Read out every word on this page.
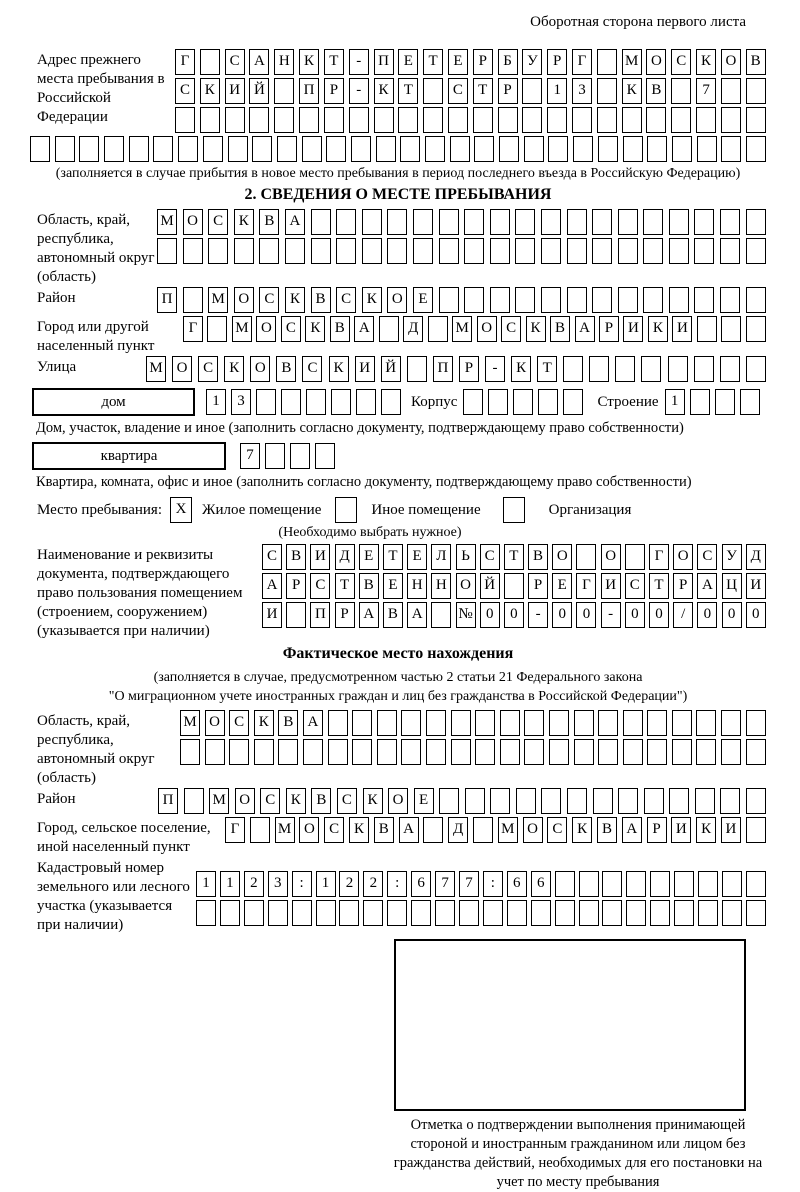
Оборотная сторона первого листа
Адрес прежнего места пребывания в Российской Федерации
Г	С А Н К	Т	-	П Е	Т	Е	Р	Б	У	Р	Г	М О С К О В
С К И Й	П	Р	-	К	Т	С	Т	Р	1	3	К В	7
(заполняется в случае прибытия в новое место пребывания в период последнего въезда в Российскую Федерацию)
2. СВЕДЕНИЯ О МЕСТЕ ПРЕБЫВАНИЯ
Область, край, республика, автономный округ (область)
М О	С	К	В	А
Район	П	М О	С	К	В	С	К	О	Е
Город или другой населенный пункт
Г	М О С К В А	Д	М О С К В А Р И К И
Улица	М О	С	К	О	В	С	К	И	Й	П	Р	-	К	Т
дом	1	3	Корпус	Строение 1
Дом, участок, владение и иное (заполнить согласно документу, подтверждающему право собственности)
квартира	7
Квартира, комната, офис и иное (заполнить согласно документу, подтверждающему право собственности)
Место пребывания: X	Жилое помещение	Иное помещение	Организация
(Необходимо выбрать нужное)
Наименование и реквизиты документа, подтверждающего право пользования помещением (строением, сооружением) (указывается при наличии)
С В И Д Е	Т	Е Л Ь С Т В О	О	Г О С У Д
А Р	С Т В Е Н Н О Й	Р	Е	Г И С Т	Р А Ц И
И	П Р А В А	№ 0	0	-	0	0	-	0	0	/	0	0	0
Фактическое место нахождения
(заполняется в случае, предусмотренном частью 2 статьи 21 Федерального закона
"О миграционном учете иностранных граждан и лиц без гражданства в Российской Федерации")
Область, край, республика, автономный округ (область)
М О С К В А
Район	П	М О	С	К	В	С	К	О	Е
Город, сельское поселение, иной населенный пункт
Г	М О С К В А	Д	М О С К В А	Р	И К И
Кадастровый номер земельного или лесного участка (указывается при наличии)
1	1	2	3	:	1	2	2	:	6	7	7	:	6	6
Отметка о подтверждении выполнения принимающей стороной и иностранным гражданином или лицом без гражданства действий, необходимых для его постановки на учет по месту пребывания
